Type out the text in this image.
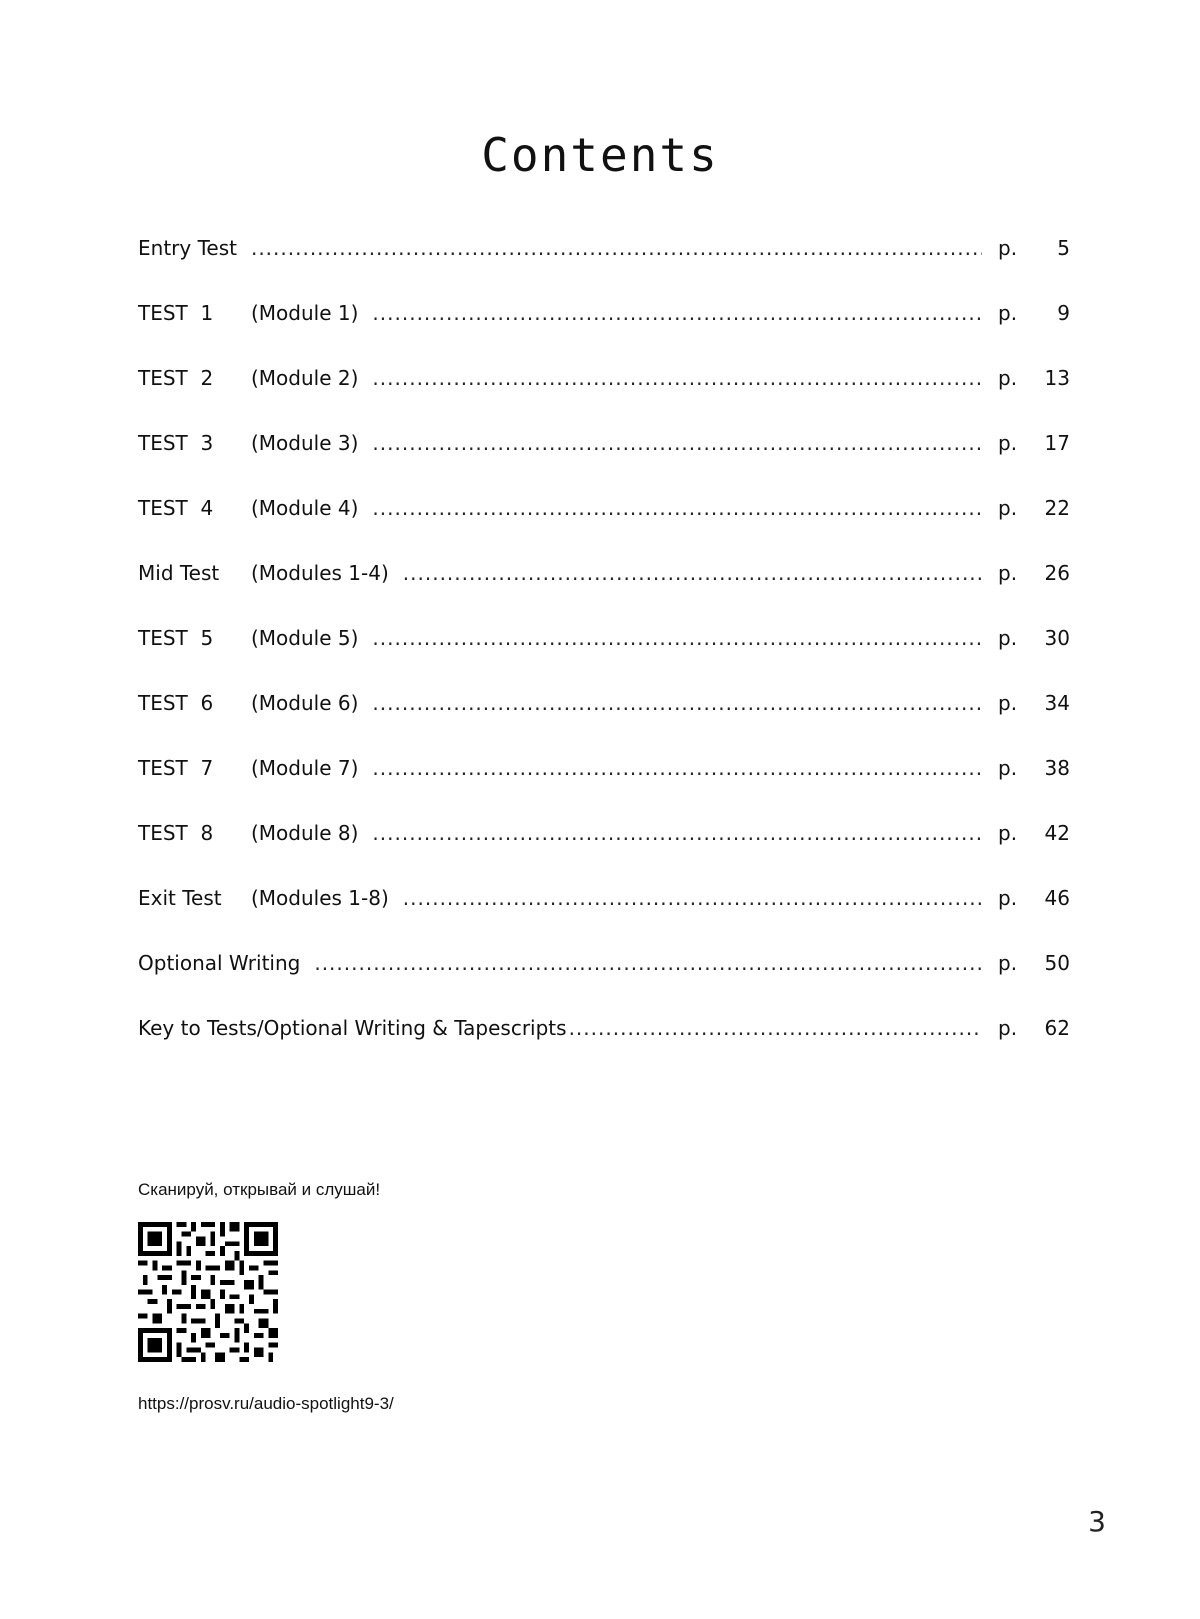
Contents
Entry Test .....	p.	5
TEST  1	(Module 1) .....	p.	9
TEST  2	(Module 2) .....	p.	13
TEST  3	(Module 3) .....	p.	17
TEST  4	(Module 4) .....	p.	22
Mid Test	(Modules 1-4) .....	p.	26
TEST  5	(Module 5) .....	p.	30
TEST  6	(Module 6) .....	p.	34
TEST  7	(Module 7) .....	p.	38
TEST  8	(Module 8) .....	p.	42
Exit Test	(Modules 1-8) .....	p.	46
Optional Writing .....	p.	50
Key to Tests/Optional Writing & Tapescripts .....	p.	62
Сканируй, открывай и слушай!
https://prosv.ru/audio-spotlight9-3/
3
